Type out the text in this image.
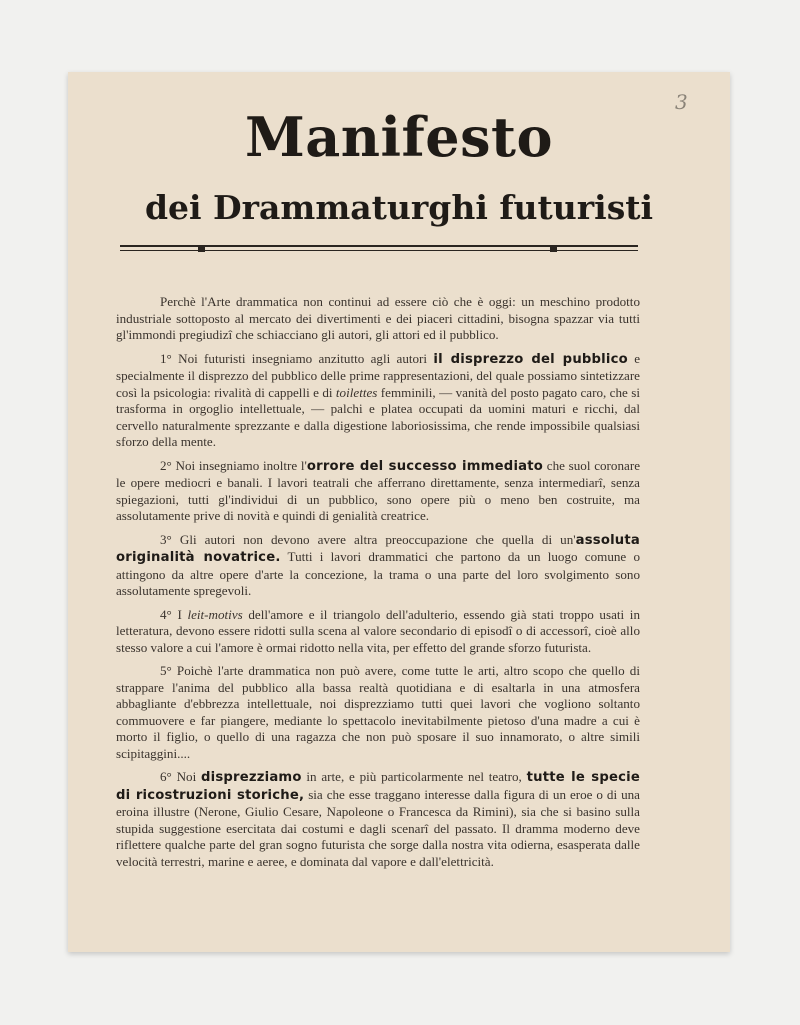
3
Manifesto
dei Drammaturghi futuristi

Perchè l'Arte drammatica non continui ad essere ciò che è oggi: un meschino prodotto industriale sottoposto al mercato dei divertimenti e dei piaceri cittadini, bisogna spazzar via tutti gl'immondi pregiudizî che schiacciano gli autori, gli attori ed il pubblico.

1° Noi futuristi insegniamo anzitutto agli autori il disprezzo del pubblico e specialmente il disprezzo del pubblico delle prime rappresentazioni, del quale possiamo sintetizzare così la psicologia: rivalità di cappelli e di toilettes femminili, — vanità del posto pagato caro, che si trasforma in orgoglio intellettuale, — palchi e platea occupati da uomini maturi e ricchi, dal cervello naturalmente sprezzante e dalla digestione laboriosissima, che rende impossibile qualsiasi sforzo della mente.

2° Noi insegniamo inoltre l'orrore del successo immediato che suol coronare le opere mediocri e banali. I lavori teatrali che afferrano direttamente, senza intermediarî, senza spiegazioni, tutti gl'individui di un pubblico, sono opere più o meno ben costruite, ma assolutamente prive di novità e quindi di genialità creatrice.

3° Gli autori non devono avere altra preoccupazione che quella di un'assoluta originalità novatrice. Tutti i lavori drammatici che partono da un luogo comune o attingono da altre opere d'arte la concezione, la trama o una parte del loro svolgimento sono assolutamente spregevoli.

4° I leit-motivs dell'amore e il triangolo dell'adulterio, essendo già stati troppo usati in letteratura, devono essere ridotti sulla scena al valore secondario di episodî o di accessorî, cioè allo stesso valore a cui l'amore è ormai ridotto nella vita, per effetto del grande sforzo futurista.

5° Poichè l'arte drammatica non può avere, come tutte le arti, altro scopo che quello di strappare l'anima del pubblico alla bassa realtà quotidiana e di esaltarla in una atmosfera abbagliante d'ebbrezza intellettuale, noi disprezziamo tutti quei lavori che vogliono soltanto commuovere e far piangere, mediante lo spettacolo inevitabilmente pietoso d'una madre a cui è morto il figlio, o quello di una ragazza che non può sposare il suo innamorato, o altre simili scipitaggini....

6° Noi disprezziamo in arte, e più particolarmente nel teatro, tutte le specie di ricostruzioni storiche, sia che esse traggano interesse dalla figura di un eroe o di una eroina illustre (Nerone, Giulio Cesare, Napoleone o Francesca da Rimini), sia che si basino sulla stupida suggestione esercitata dai costumi e dagli scenarî del passato. Il dramma moderno deve riflettere qualche parte del gran sogno futurista che sorge dalla nostra vita odierna, esasperata dalle velocità terrestri, marine e aeree, e dominata dal vapore e dall'elettricità.
